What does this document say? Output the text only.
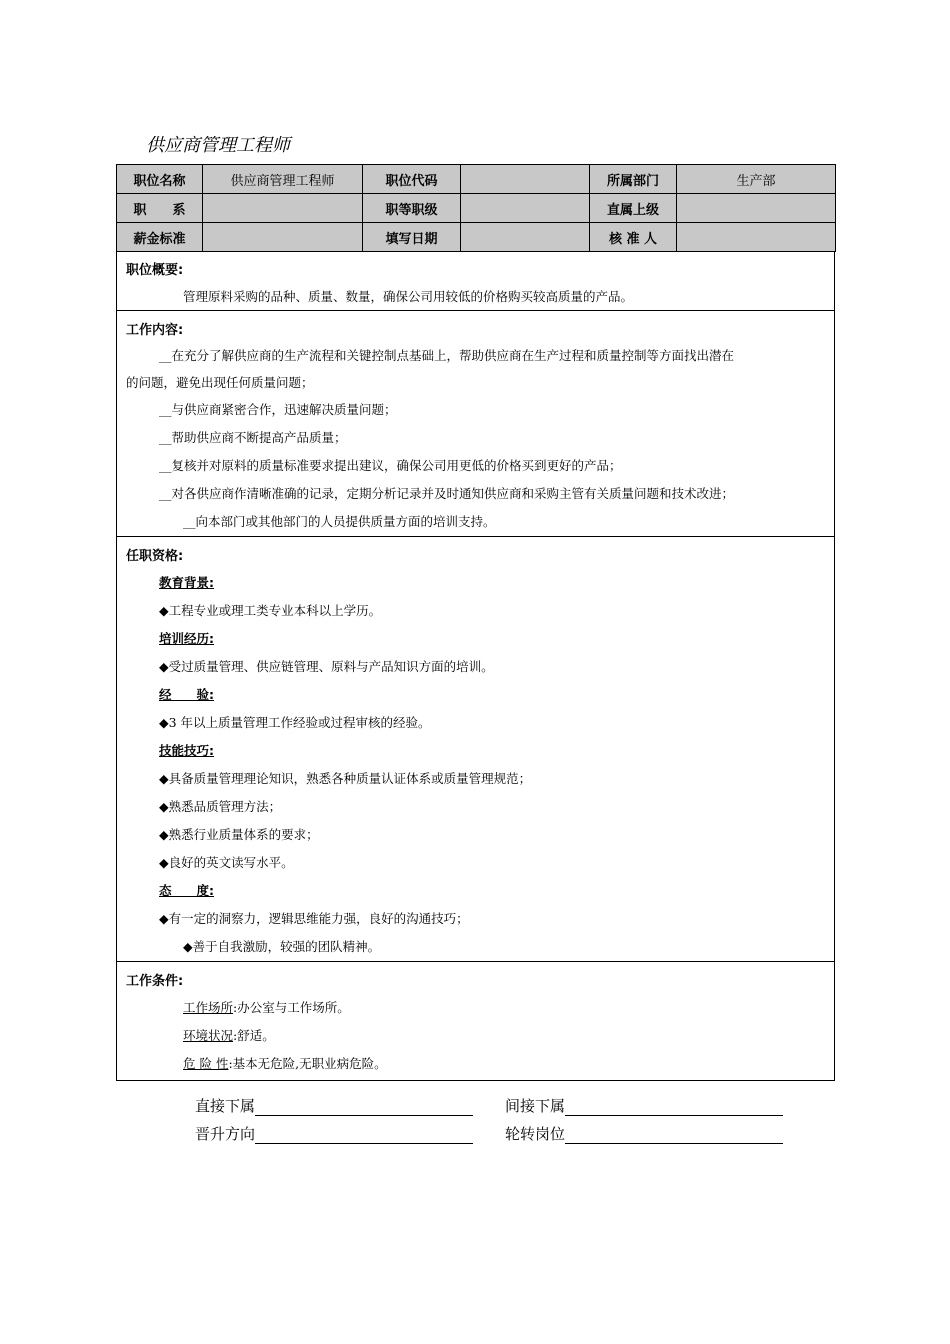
供应商管理工程师
职位名称	供应商管理工程师	职位代码		所属部门	生产部
职　　系		职等职级		直属上级	
薪金标准		填写日期		核 准 人	
职位概要:
管理原料采购的品种、质量、数量，确保公司用较低的价格购买较高质量的产品。
工作内容:
__在充分了解供应商的生产流程和关键控制点基础上，帮助供应商在生产过程和质量控制等方面找出潜在
的问题，避免出现任何质量问题；
__与供应商紧密合作，迅速解决质量问题；
__帮助供应商不断提高产品质量；
__复核并对原料的质量标准要求提出建议，确保公司用更低的价格买到更好的产品；
__对各供应商作清晰准确的记录，定期分析记录并及时通知供应商和采购主管有关质量问题和技术改进；
__向本部门或其他部门的人员提供质量方面的培训支持。
任职资格:
教育背景:
◆工程专业或理工类专业本科以上学历。
培训经历:
◆受过质量管理、供应链管理、原料与产品知识方面的培训。
经　　验:
◆3 年以上质量管理工作经验或过程审核的经验。
技能技巧:
◆具备质量管理理论知识，熟悉各种质量认证体系或质量管理规范；
◆熟悉品质管理方法；
◆熟悉行业质量体系的要求；
◆良好的英文读写水平。
态　　度:
◆有一定的洞察力，逻辑思维能力强，良好的沟通技巧；
◆善于自我激励，较强的团队精神。
工作条件:
工作场所:办公室与工作场所。
环境状况:舒适。
危 险 性:基本无危险,无职业病危险。
直接下属	间接下属
晋升方向	轮转岗位
